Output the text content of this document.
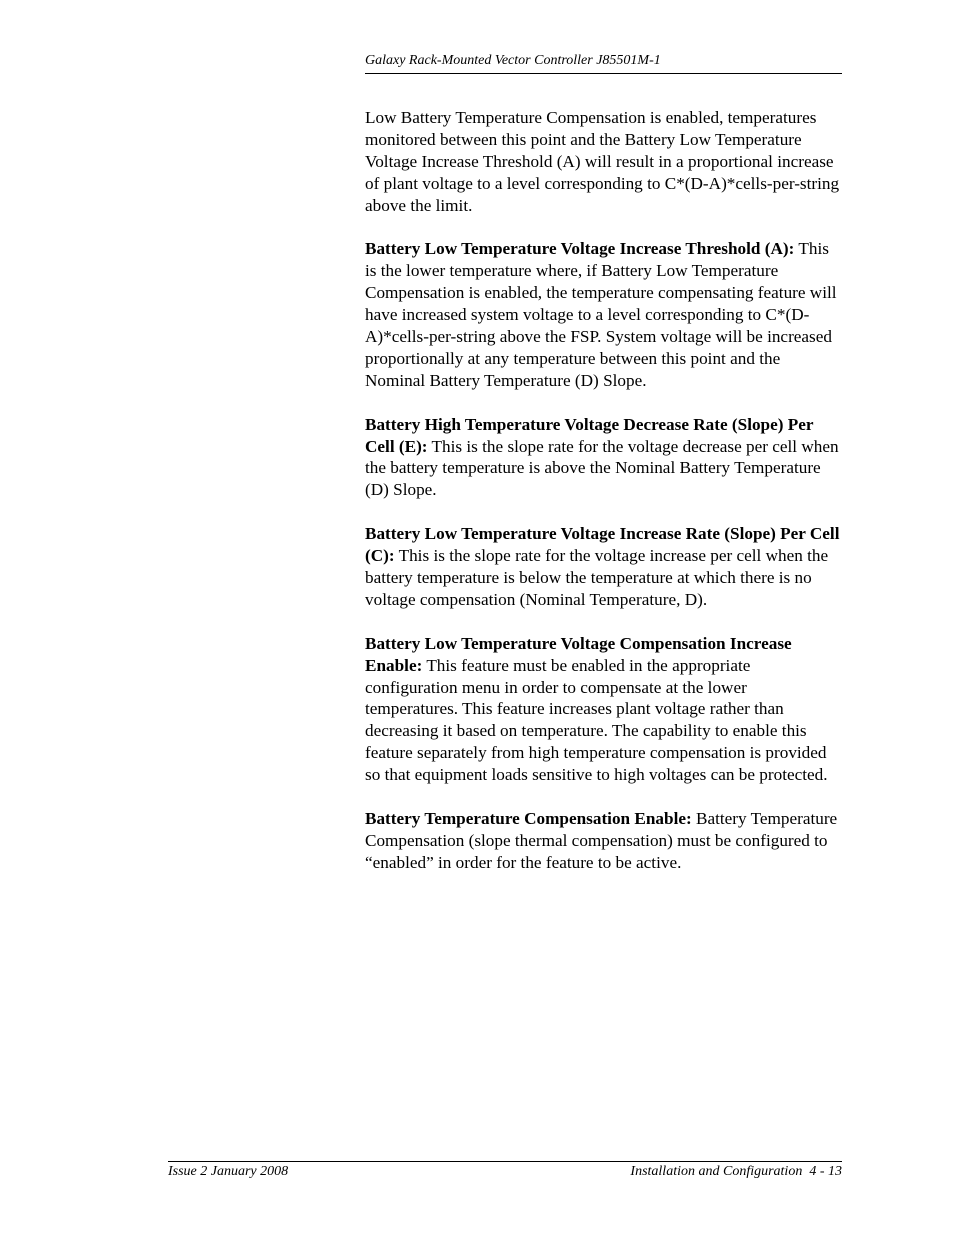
Galaxy Rack-Mounted Vector Controller J85501M-1

Low Battery Temperature Compensation is enabled, temperatures monitored between this point and the Battery Low Temperature Voltage Increase Threshold (A) will result in a proportional increase of plant voltage to a level corresponding to C*(D-A)*cells-per-string above the limit.

Battery Low Temperature Voltage Increase Threshold (A): This is the lower temperature where, if Battery Low Temperature Compensation is enabled, the temperature compensating feature will have increased system voltage to a level corresponding to C*(D-A)*cells-per-string above the FSP. System voltage will be increased proportionally at any temperature between this point and the Nominal Battery Temperature (D) Slope.

Battery High Temperature Voltage Decrease Rate (Slope) Per Cell (E): This is the slope rate for the voltage decrease per cell when the battery temperature is above the Nominal Battery Temperature (D) Slope.

Battery Low Temperature Voltage Increase Rate (Slope) Per Cell (C): This is the slope rate for the voltage increase per cell when the battery temperature is below the temperature at which there is no voltage compensation (Nominal Temperature, D).

Battery Low Temperature Voltage Compensation Increase Enable: This feature must be enabled in the appropriate configuration menu in order to compensate at the lower temperatures. This feature increases plant voltage rather than decreasing it based on temperature. The capability to enable this feature separately from high temperature compensation is provided so that equipment loads sensitive to high voltages can be protected.

Battery Temperature Compensation Enable: Battery Temperature Compensation (slope thermal compensation) must be configured to “enabled” in order for the feature to be active.

Issue 2 January 2008	Installation and Configuration  4 - 13
